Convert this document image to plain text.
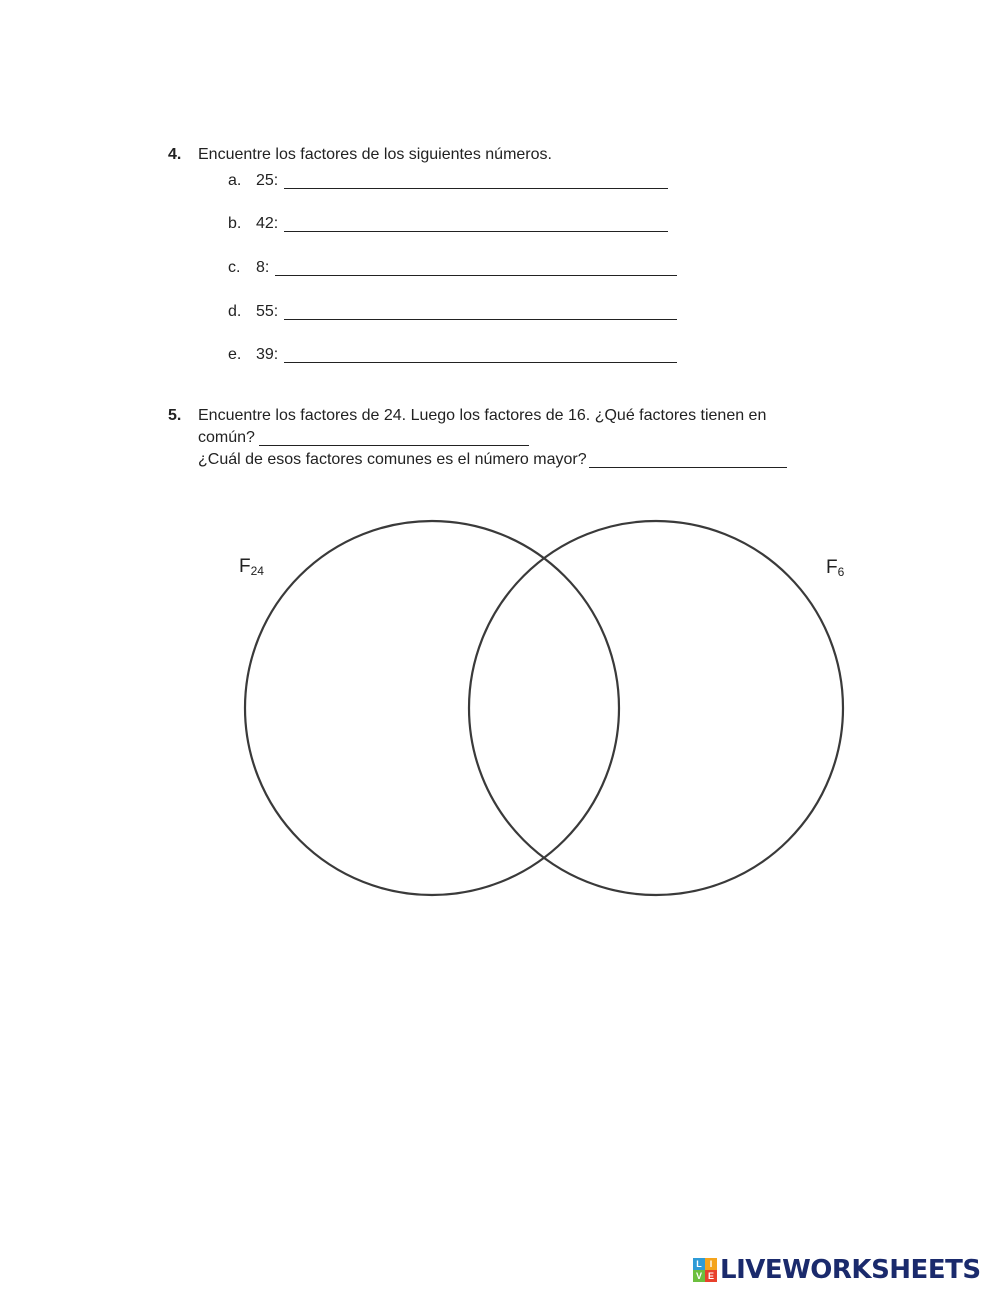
4. Encuentre los factores de los siguientes números.
a. 25:
b. 42:
c. 8:
d. 55:
e. 39:
5. Encuentre los factores de 24. Luego los factores de 16. ¿Qué factores tienen en
común?
¿Cuál de esos factores comunes es el número mayor?
$F_{24}$	$F_6$
L I
V E LIVEWORKSHEETS
